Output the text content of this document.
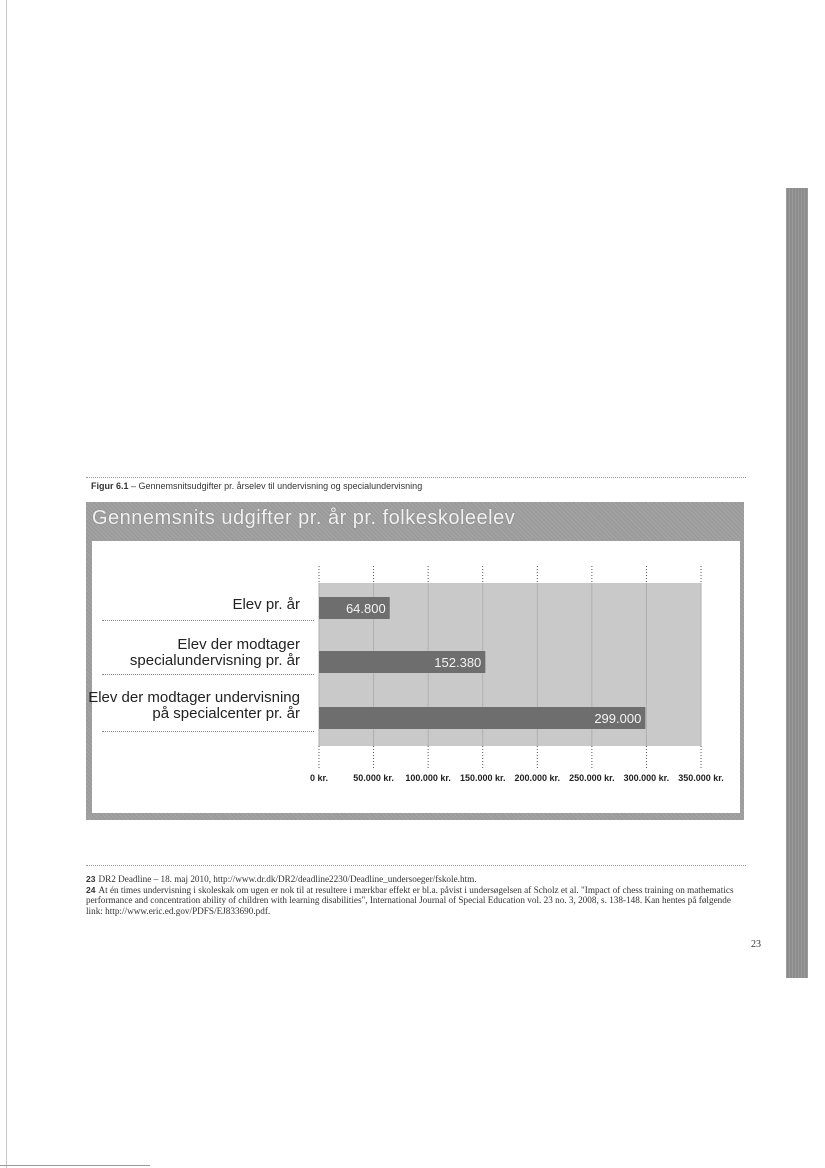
Figur 6.1 – Gennemsnitsudgifter pr. årselev til undervisning og specialundervisning
Gennemsnits udgifter pr. år pr. folkeskoleelev
Elev pr. år
Elev der modtager
specialundervisning pr. år
Elev der modtager undervisning
på specialcenter pr. år
0 kr.	50.000 kr. 100.000 kr. 150.000 kr. 200.000 kr. 250.000 kr. 300.000 kr. 350.000 kr.
64.800
152.380
299.000

23 DR2 Deadline – 18. maj 2010, http://www.dr.dk/DR2/deadline2230/Deadline_undersoeger/fskole.htm.

24 At én times undervisning i skoleskak om ugen er nok til at resultere i mærkbar effekt er bl.a. påvist i undersøgelsen af Scholz et al. "Impact of chess training on mathematics performance and concentration ability of children with learning disabilities", International Journal of Special Education vol. 23 no. 3, 2008, s. 138-148. Kan hentes på følgende link: http://www.eric.ed.gov/PDFS/EJ833690.pdf.

23
